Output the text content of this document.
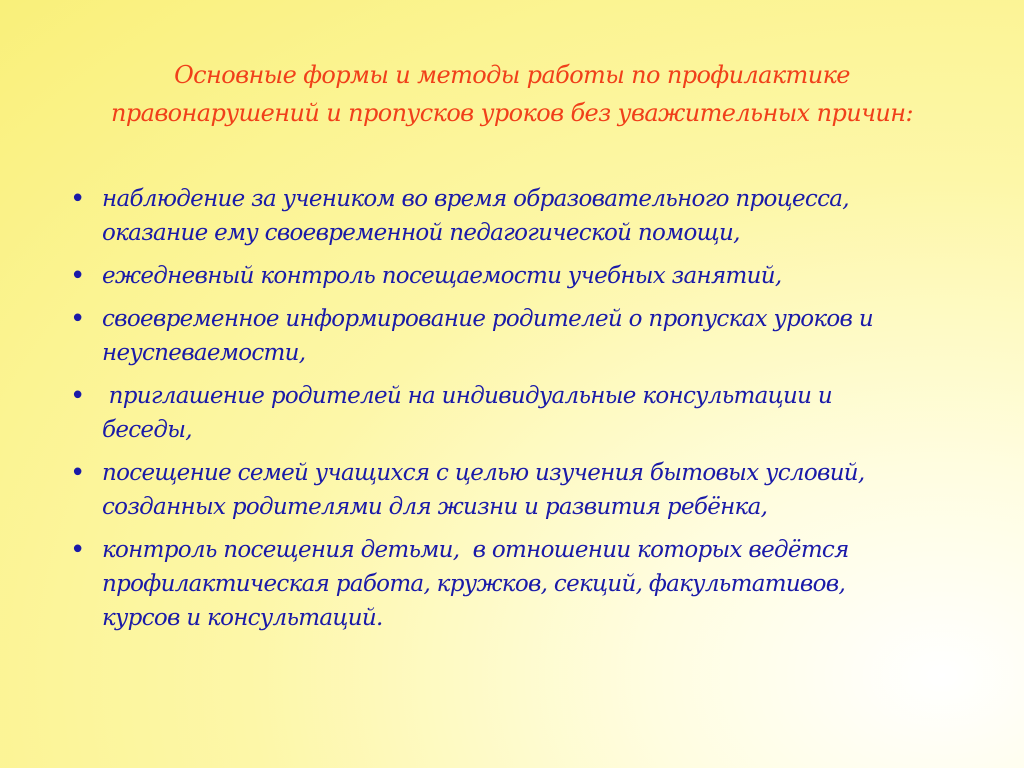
Основные формы и методы работы по профилактике
правонарушений и пропусков уроков без уважительных причин:
• наблюдение за учеником во время образовательного процесса,
оказание ему своевременной педагогической помощи,
• ежедневный контроль посещаемости учебных занятий,
• своевременное информирование родителей о пропусках уроков и
неуспеваемости,
• приглашение родителей на индивидуальные консультации и
беседы,
• посещение семей учащихся с целью изучения бытовых условий,
созданных родителями для жизни и развития ребёнка,
• контроль посещения детьми,  в отношении которых ведётся
профилактическая работа, кружков, секций, факультативов,
курсов и консультаций.
